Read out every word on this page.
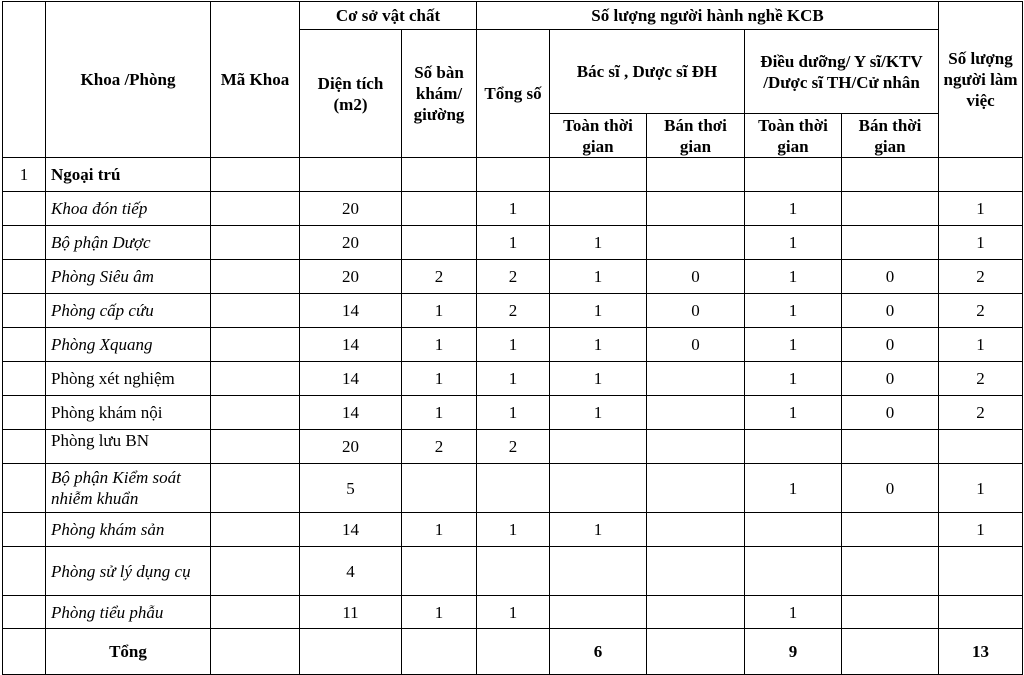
	Khoa /Phòng	Mã Khoa	Cơ sở vật chất		Số lượng người hành nghề KCB					Số lượng người làm việc
			Diện tích (m2)	Số bàn khám/ giường	Tổng số	Bác sĩ , Dược sĩ ĐH		Điều dưỡng/ Y sĩ/KTV /Dược sĩ TH/Cử nhân		
						Toàn thời gian	Bán thơi gian	Toàn thời gian	Bán thời gian	
1	Ngoại trú									
	Khoa đón tiếp		20		1			1		1
	Bộ phận Dược		20		1	1		1		1
	Phòng Siêu âm		20	2	2	1	0	1	0	2
	Phòng cấp cứu		14	1	2	1	0	1	0	2
	Phòng Xquang		14	1	1	1	0	1	0	1
	Phòng xét nghiệm		14	1	1	1		1	0	2
	Phòng khám nội		14	1	1	1		1	0	2
	Phòng lưu BN		20	2	2					
	Bộ phận Kiểm soát nhiễm khuẩn		5					1	0	1
	Phòng khám sản		14	1	1	1				1
	Phòng sử lý dụng cụ		4							
	Phòng tiểu phẫu		11	1	1			1		
	Tổng					6		9		13
